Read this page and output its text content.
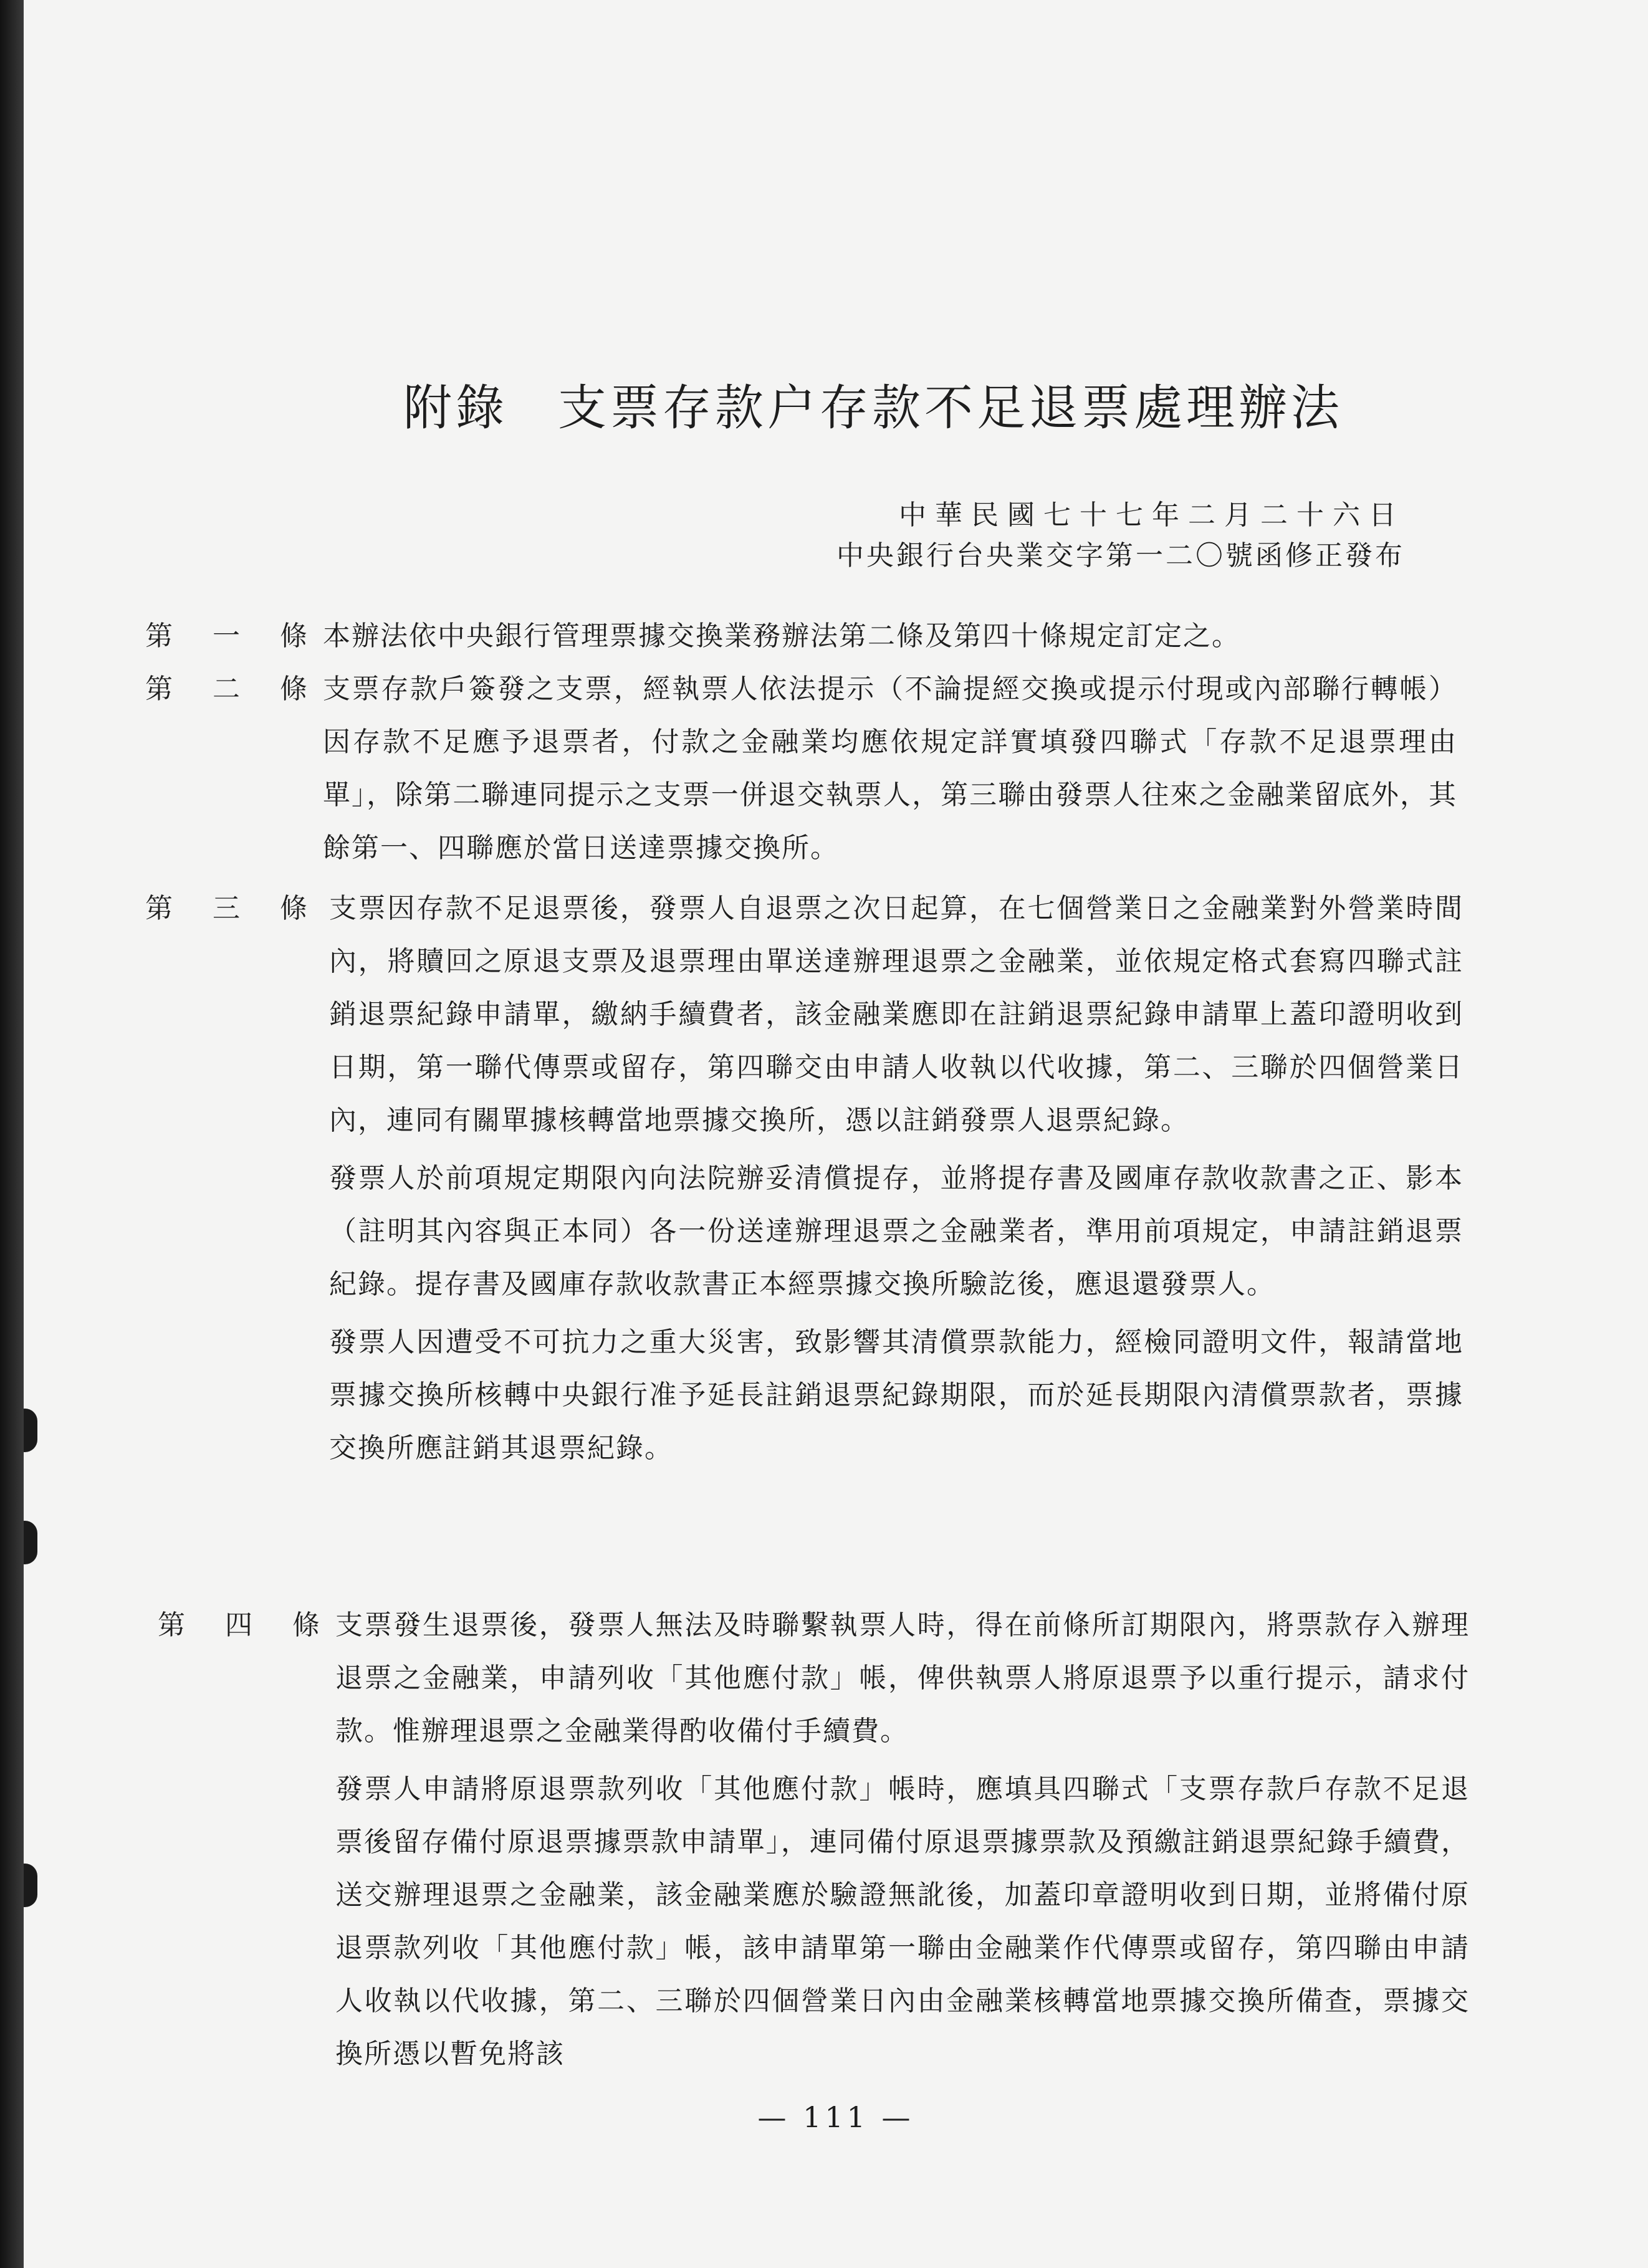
附錄 支票存款户存款不足退票處理辦法
中華民國七十七年二月二十六日
中央銀行台央業交字第一二〇號函修正發布
第 一 條 本辦法依中央銀行管理票據交換業務辦法第二條及第四十條規定訂定之。

第 二 條 支票存款戶簽發之支票，經執票人依法提示（不論提經交換或提示付現或內部聯行轉帳）因存款不足應予退票者，付款之金融業均應依規定詳實填發四聯式「存款不足退票理由單」，除第二聯連同提示之支票一併退交執票人，第三聯由發票人往來之金融業留底外，其餘第一、四聯應於當日送達票據交換所。

第 三 條 支票因存款不足退票後，發票人自退票之次日起算，在七個營業日之金融業對外營業時間內，將贖回之原退支票及退票理由單送達辦理退票之金融業，並依規定格式套寫四聯式註銷退票紀錄申請單，繳納手續費者，該金融業應即在註銷退票紀錄申請單上蓋印證明收到日期，第一聯代傳票或留存，第四聯交由申請人收執以代收據，第二、三聯於四個營業日內，連同有關單據核轉當地票據交換所，憑以註銷發票人退票紀錄。

發票人於前項規定期限內向法院辦妥清償提存，並將提存書及國庫存款收款書之正、影本（註明其內容與正本同）各一份送達辦理退票之金融業者，準用前項規定，申請註銷退票紀錄。提存書及國庫存款收款書正本經票據交換所驗訖後，應退還發票人。

發票人因遭受不可抗力之重大災害，致影響其清償票款能力，經檢同證明文件，報請當地票據交換所核轉中央銀行准予延長註銷退票紀錄期限，而於延長期限內清償票款者，票據交換所應註銷其退票紀錄。

第 四 條 支票發生退票後，發票人無法及時聯繫執票人時，得在前條所訂期限內，將票款存入辦理退票之金融業，申請列收「其他應付款」帳，俾供執票人將原退票予以重行提示，請求付款。惟辦理退票之金融業得酌收備付手續費。

發票人申請將原退票款列收「其他應付款」帳時，應填具四聯式「支票存款戶存款不足退票後留存備付原退票據票款申請單」，連同備付原退票據票款及預繳註銷退票紀錄手續費，送交辦理退票之金融業，該金融業應於驗證無訛後，加蓋印章證明收到日期，並將備付原退票款列收「其他應付款」帳，該申請單第一聯由金融業作代傳票或留存，第四聯由申請人收執以代收據，第二、三聯於四個營業日內由金融業核轉當地票據交換所備查，票據交換所憑以暫免將該

— 111 —
